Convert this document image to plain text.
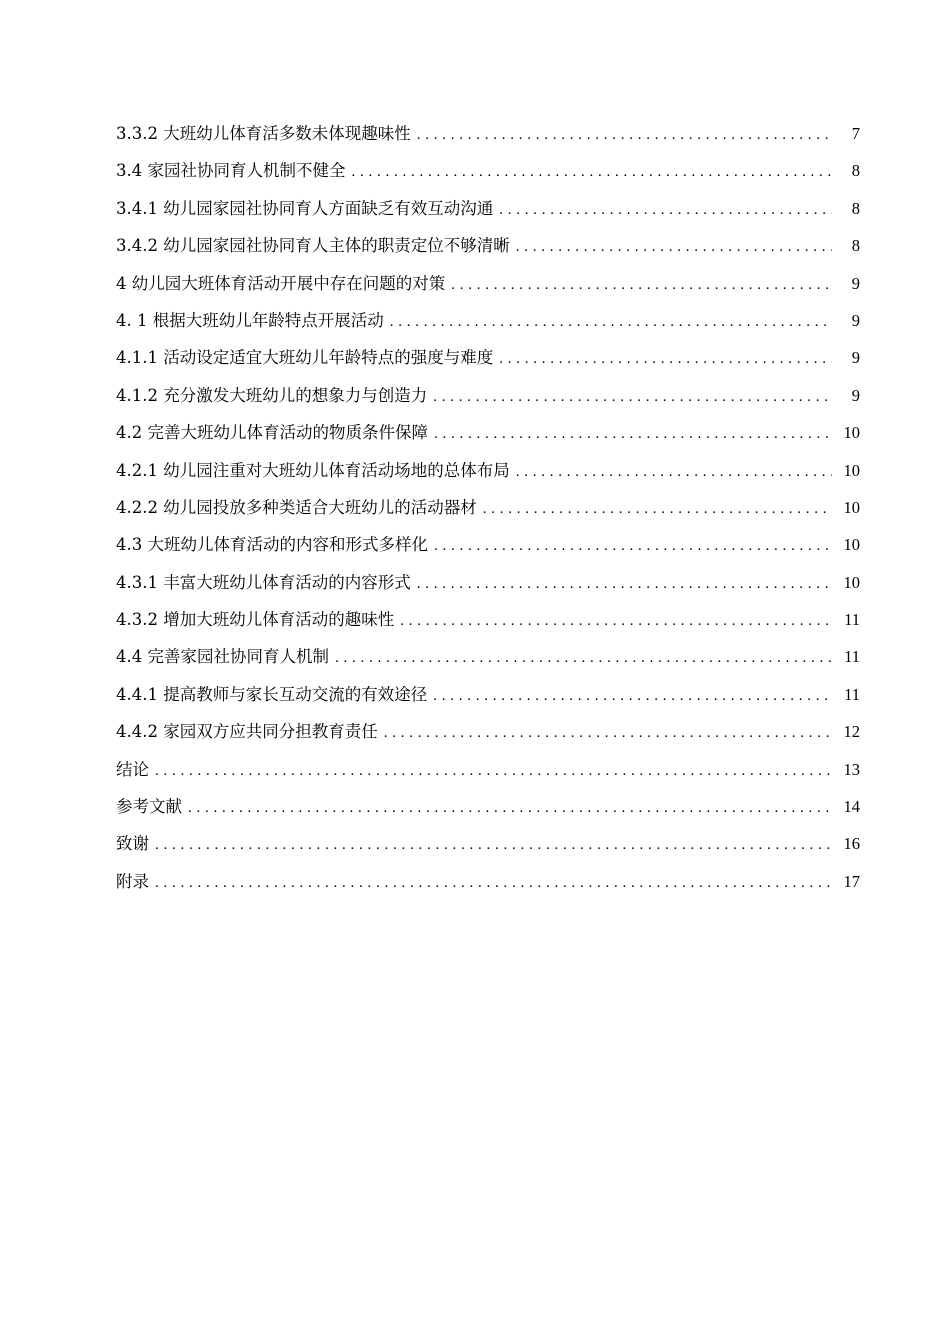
3.3.2 大班幼儿体育活多数未体现趣味性 . . .	7
3.4 家园社协同育人机制不健全 . . .	8
3.4.1 幼儿园家园社协同育人方面缺乏有效互动沟通 . . .	8
3.4.2 幼儿园家园社协同育人主体的职责定位不够清晰 . . .	8
4 幼儿园大班体育活动开展中存在问题的对策 . . .	9
4. 1 根据大班幼儿年龄特点开展活动 . . .	9
4.1.1 活动设定适宜大班幼儿年龄特点的强度与难度 . . .	9
4.1.2 充分激发大班幼儿的想象力与创造力 . . .	9
4.2 完善大班幼儿体育活动的物质条件保障 . . .	10
4.2.1 幼儿园注重对大班幼儿体育活动场地的总体布局 . . .	10
4.2.2 幼儿园投放多种类适合大班幼儿的活动器材 . . .	10
4.3 大班幼儿体育活动的内容和形式多样化 . . .	10
4.3.1 丰富大班幼儿体育活动的内容形式 . . .	10
4.3.2 增加大班幼儿体育活动的趣味性 . . .	11
4.4 完善家园社协同育人机制 . . .	11
4.4.1 提高教师与家长互动交流的有效途径 . . .	11
4.4.2 家园双方应共同分担教育责任 . . .	12
结论 . . .	13
参考文献 . . .	14
致谢 . . .	16
附录 . . .	17
